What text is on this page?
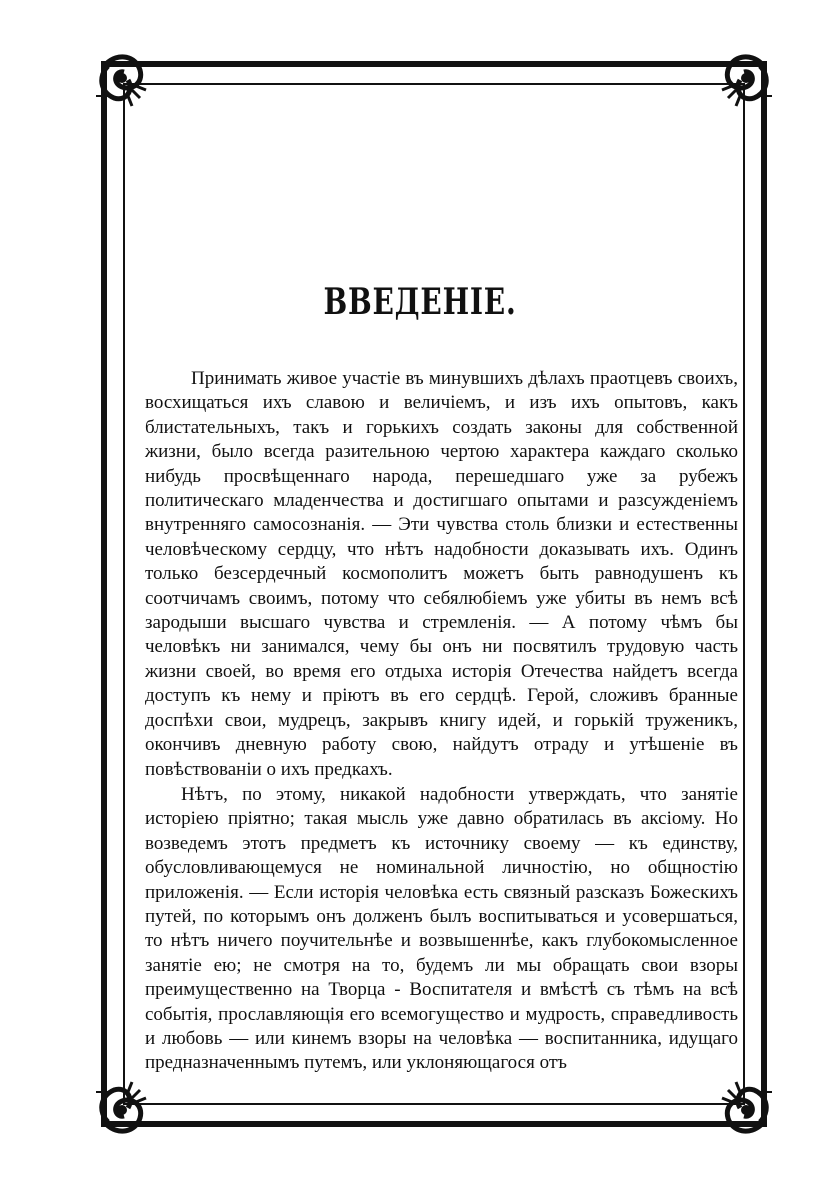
ВВЕДЕНІЕ.

Принимать живое участіе въ минувшихъ дѣлахъ праотцевъ своихъ, восхищаться ихъ славою и величіемъ, и изъ ихъ опытовъ, какъ блистательныхъ, такъ и горькихъ создать законы для собственной жизни, было всегда разительною чертою характера каждаго сколько нибудь просвѣщеннаго народа, перешедшаго уже за рубежъ политическаго младенчества и достигшаго опытами и разсужденіемъ внутренняго самосознанія. — Эти чувства столь близки и естественны человѣческому сердцу, что нѣтъ надобности доказывать ихъ. Одинъ только безсердечный космополитъ можетъ быть равнодушенъ къ соотчичамъ своимъ, потому что себялюбіемъ уже убиты въ немъ всѣ зародыши высшаго чувства и стремленія. — А потому чѣмъ бы человѣкъ ни занимался, чему бы онъ ни посвятилъ трудовую часть жизни своей, во время его отдыха исторія Отечества найдетъ всегда доступъ къ нему и пріютъ въ его сердцѣ. Герой, сложивъ бранные доспѣхи свои, мудрецъ, закрывъ книгу идей, и горькій труженикъ, окончивъ дневную работу свою, найдутъ отраду и утѣшеніе въ повѣствованіи о ихъ предкахъ.

Нѣтъ, по этому, никакой надобности утверждать, что занятіе исторіею пріятно; такая мысль уже давно обратилась въ аксіому. Но возведемъ этотъ предметъ къ источнику своему — къ единству, обусловливающемуся не номинальной личностію, но общностію приложенія. — Если исторія человѣка есть связный разсказъ Божескихъ путей, по которымъ онъ долженъ былъ воспитываться и усовершаться, то нѣтъ ничего поучительнѣе и возвышеннѣе, какъ глубокомысленное занятіе ею; не смотря на то, будемъ ли мы обращать свои взоры преимущественно на Творца - Воспитателя и вмѣстѣ съ тѣмъ на всѣ событія, прославляющія его всемогущество и мудрость, справедливость и любовь — или кинемъ взоры на человѣка — воспитанника, идущаго предназначеннымъ путемъ, или уклоняющагося отъ
